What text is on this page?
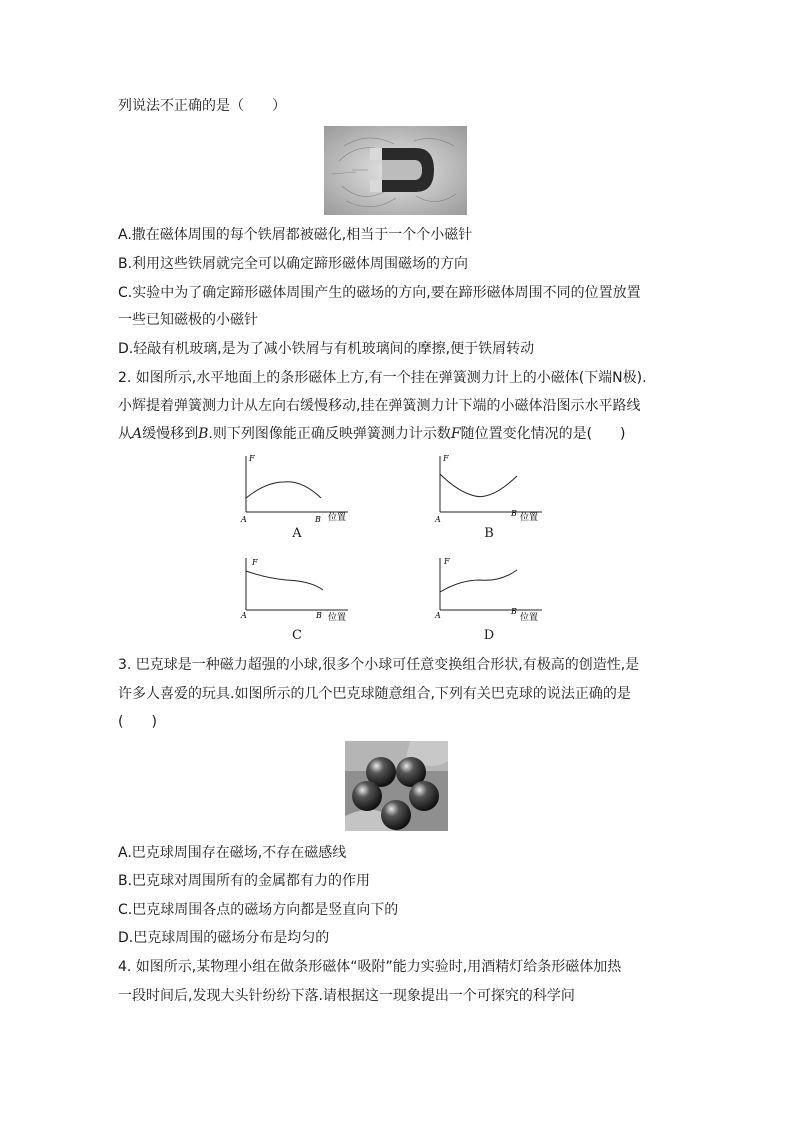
列说法不正确的是（　　）
A.撒在磁体周围的每个铁屑都被磁化,相当于一个个小磁针
B.利用这些铁屑就完全可以确定蹄形磁体周围磁场的方向
C.实验中为了确定蹄形磁体周围产生的磁场的方向,要在蹄形磁体周围不同的位置放置
一些已知磁极的小磁针
D.轻敲有机玻璃,是为了减小铁屑与有机玻璃间的摩擦,便于铁屑转动
2. 如图所示,水平地面上的条形磁体上方,有一个挂在弹簧测力计上的小磁体(下端N极).
小辉提着弹簧测力计从左向右缓慢移动,挂在弹簧测力计下端的小磁体沿图示水平路线
从A缓慢移到B.则下列图像能正确反映弹簧测力计示数F随位置变化情况的是(　　)
F
A	B 位置
A
F
A
B 位置
B
F
A	B 位置
C
F
A	B
位置
D
3. 巴克球是一种磁力超强的小球,很多个小球可任意变换组合形状,有极高的创造性,是
许多人喜爱的玩具.如图所示的几个巴克球随意组合,下列有关巴克球的说法正确的是
(　　)
A.巴克球周围存在磁场,不存在磁感线
B.巴克球对周围所有的金属都有力的作用
C.巴克球周围各点的磁场方向都是竖直向下的
D.巴克球周围的磁场分布是均匀的
4. 如图所示,某物理小组在做条形磁体“吸附”能力实验时,用酒精灯给条形磁体加热
一段时间后,发现大头针纷纷下落.请根据这一现象提出一个可探究的科学问
